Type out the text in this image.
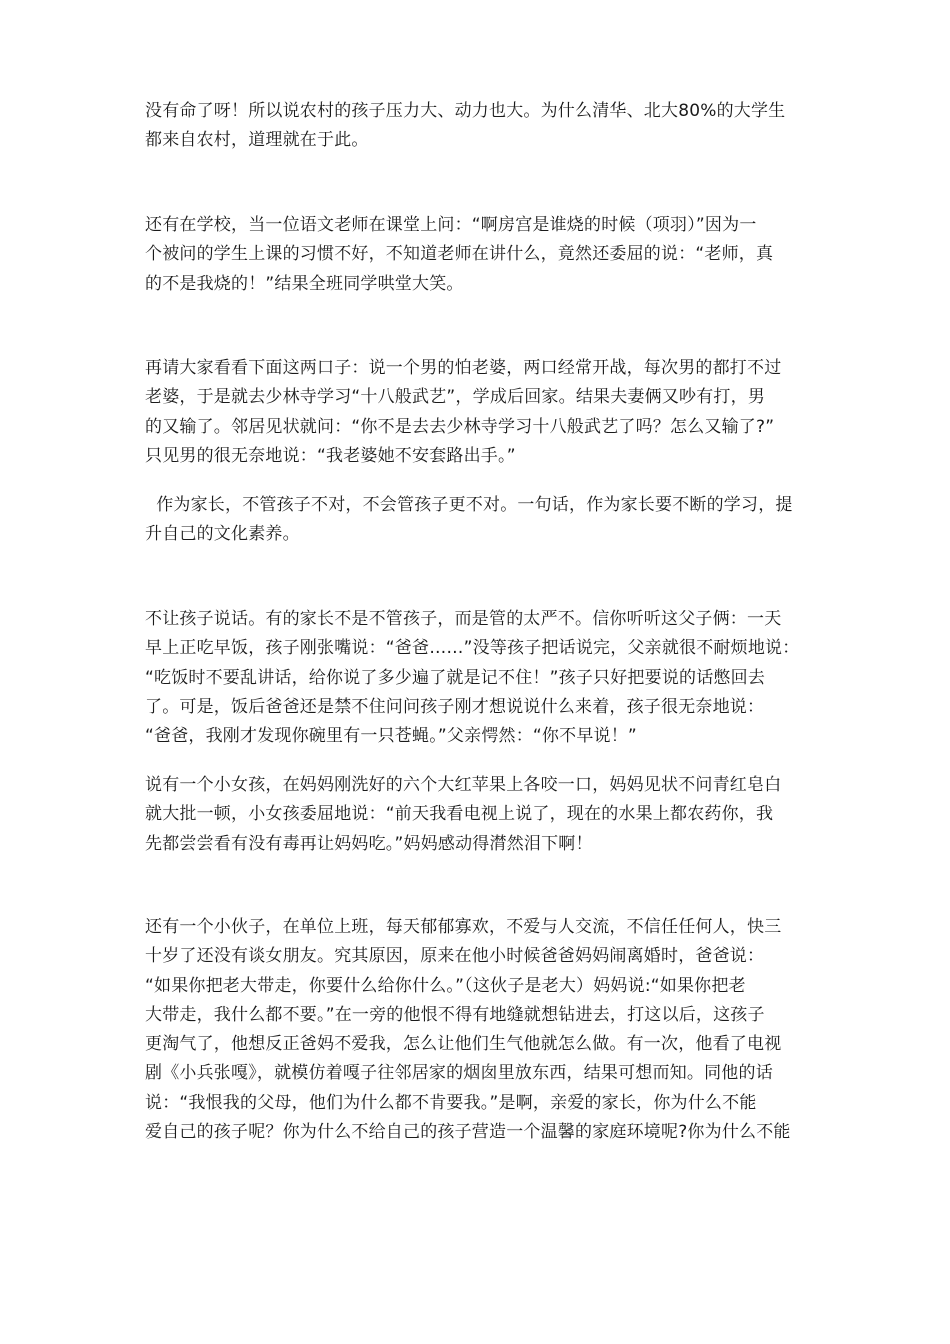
没有命了呀！所以说农村的孩子压力大、动力也大。为什么清华、北大80%的大学生
都来自农村，道理就在于此。

还有在学校，当一位语文老师在课堂上问：“啊房宫是谁烧的时候（项羽）”因为一
个被问的学生上课的习惯不好，不知道老师在讲什么，竟然还委屈的说：“老师，真
的不是我烧的！”结果全班同学哄堂大笑。

再请大家看看下面这两口子：说一个男的怕老婆，两口经常开战，每次男的都打不过
老婆，于是就去少林寺学习“十八般武艺”，学成后回家。结果夫妻俩又吵有打，男
的又输了。邻居见状就问：“你不是去去少林寺学习十八般武艺了吗？怎么又输了?”
只见男的很无奈地说：“我老婆她不安套路出手。”

作为家长，不管孩子不对，不会管孩子更不对。一句话，作为家长要不断的学习，提
升自己的文化素养。

不让孩子说话。有的家长不是不管孩子，而是管的太严不。信你听听这父子俩：一天
早上正吃早饭，孩子刚张嘴说：“爸爸……”没等孩子把话说完，父亲就很不耐烦地说：
“吃饭时不要乱讲话，给你说了多少遍了就是记不住！”孩子只好把要说的话憋回去
了。可是，饭后爸爸还是禁不住问问孩子刚才想说说什么来着，孩子很无奈地说：
“爸爸，我刚才发现你碗里有一只苍蝇。”父亲愕然：“你不早说！”

说有一个小女孩，在妈妈刚洗好的六个大红苹果上各咬一口，妈妈见状不问青红皂白
就大批一顿，小女孩委屈地说：“前天我看电视上说了，现在的水果上都农药你，我
先都尝尝看有没有毒再让妈妈吃。”妈妈感动得潸然泪下啊！

还有一个小伙子，在单位上班，每天郁郁寡欢，不爱与人交流，不信任任何人，快三
十岁了还没有谈女朋友。究其原因，原来在他小时候爸爸妈妈闹离婚时，爸爸说：
“如果你把老大带走，你要什么给你什么。”（这伙子是老大）妈妈说:“如果你把老
大带走，我什么都不要。”在一旁的他恨不得有地缝就想钻进去，打这以后，这孩子
更淘气了，他想反正爸妈不爱我，怎么让他们生气他就怎么做。有一次，他看了电视
剧《小兵张嘎》，就模仿着嘎子往邻居家的烟囱里放东西，结果可想而知。同他的话
说：“我恨我的父母，他们为什么都不肯要我。”是啊，亲爱的家长，你为什么不能
爱自己的孩子呢？你为什么不给自己的孩子营造一个温馨的家庭环境呢?你为什么不能
